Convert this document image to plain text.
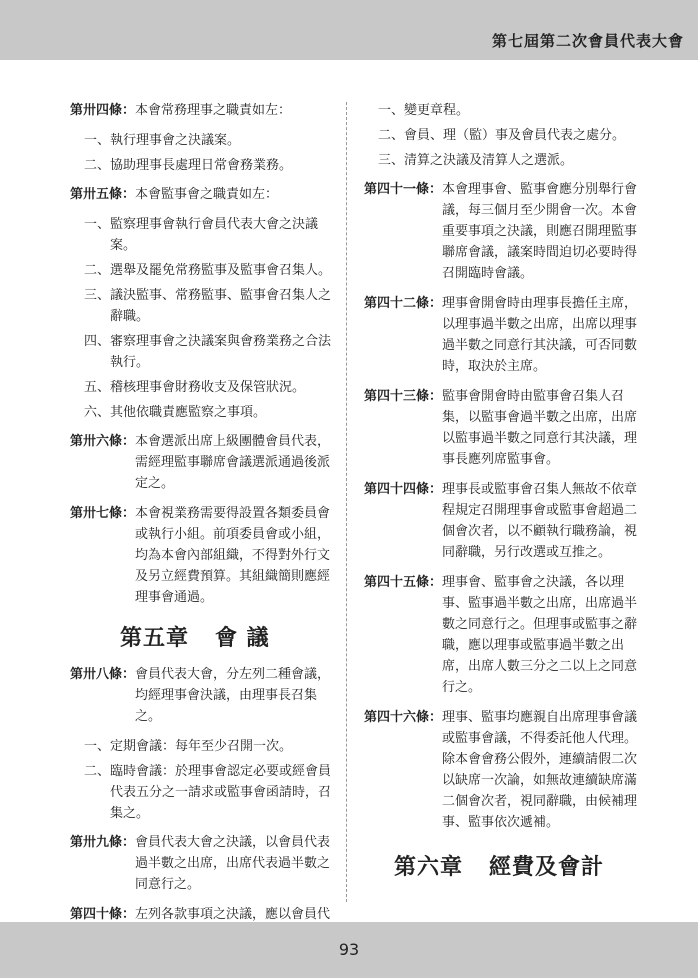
第七屆第二次會員代表大會
第卅四條 ： 本會常務理事之職責如左：
一、 執行理事會之決議案。
二、 協助理事長處理日常會務業務。
第卅五條 ： 本會監事會之職責如左：
一、 監察理事會執行會員代表大會之決議案。
二、 選舉及罷免常務監事及監事會召集人。
三、 議決監事、常務監事、監事會召集人之辭職。
四、 審察理事會之決議案與會務業務之合法執行。
五、 稽核理事會財務收支及保管狀況。
六、 其他依職責應監察之事項。
第卅六條 ： 本會選派出席上級團體會員代表，需經理監事聯席會議選派通過後派定之。
第卅七條 ： 本會視業務需要得設置各類委員會或執行小組。前項委員會或小組，均為本會內部組織，不得對外行文及另立經費預算。其組織簡則應經理事會通過。
第五章 會 議
第卅八條 ： 會員代表大會，分左列二種會議，均經理事會決議，由理事長召集之。
一、 定期會議：每年至少召開一次。
二、 臨時會議：於理事會認定必要或經會員代表五分之一請求或監事會函請時，召集之。
第卅九條 ： 會員代表大會之決議，以會員代表過半數之出席，出席代表過半數之同意行之。
第四十條 ： 左列各款事項之決議，應以會員代
一、 變更章程。
二、 會員、理（監）事及會員代表之處分。
三、 清算之決議及清算人之選派。
第四十一條 ： 本會理事會、監事會應分別舉行會議，每三個月至少開會一次。本會重要事項之決議，則應召開理監事聯席會議，議案時間迫切必要時得召開臨時會議。
第四十二條 ： 理事會開會時由理事長擔任主席，以理事過半數之出席，出席以理事過半數之同意行其決議，可否同數時，取決於主席。
第四十三條 ： 監事會開會時由監事會召集人召集，以監事會過半數之出席，出席以監事過半數之同意行其決議，理事長應列席監事會。
第四十四條 ： 理事長或監事會召集人無故不依章程規定召開理事會或監事會超過二個會次者，以不顧執行職務論，視同辭職，另行改選或互推之。
第四十五條 ： 理事會、監事會之決議，各以理事、監事過半數之出席，出席過半數之同意行之。但理事或監事之辭職，應以理事或監事過半數之出席，出席人數三分之二以上之同意行之。
第四十六條 ： 理事、監事均應親自出席理事會議或監事會議，不得委託他人代理。除本會會務公假外，連續請假二次以缺席一次論，如無故連續缺席滿二個會次者，視同辭職，由候補理事、監事依次遞補。
第六章 經費及會計
93
